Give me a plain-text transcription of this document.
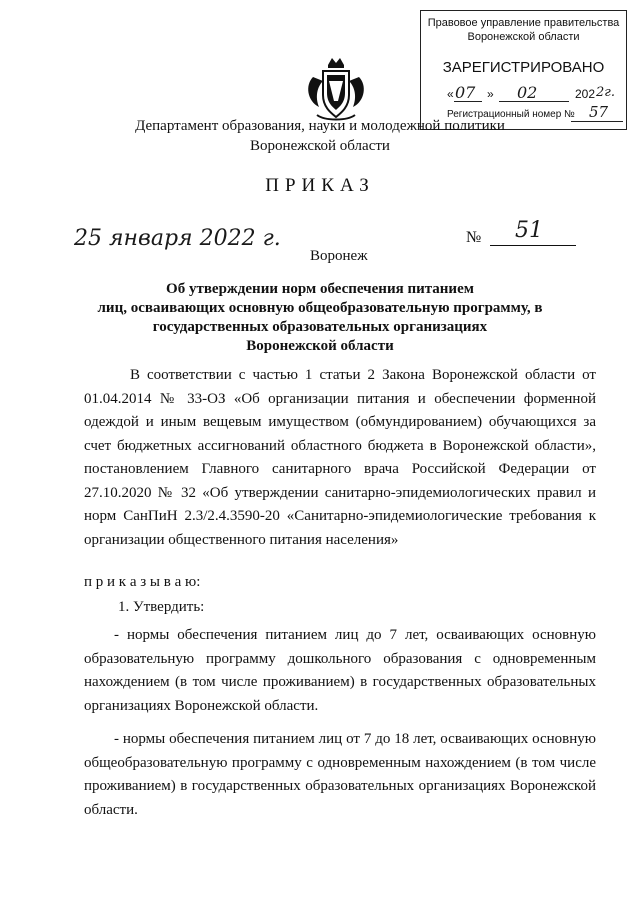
Правовое управление правительства
Воронежской области
ЗАРЕГИСТРИРОВАНО
« 07 » 02	202 2г.
Регистрационный номер № 57
Департамент образования, науки и молодежной политики
Воронежской области
ПРИКАЗ
25 января 2022 г.	№ 51
Воронеж
Об утверждении норм обеспечения питанием
лиц, осваивающих основную общеобразовательную программу, в
государственных образовательных организациях
Воронежской области
В соответствии с частью 1 статьи 2 Закона Воронежской области от 01.04.2014 № 33-ОЗ «Об организации питания и обеспечении форменной одеждой и иным вещевым имуществом (обмундированием) обучающихся за счет бюджетных ассигнований областного бюджета в Воронежской области», постановлением Главного санитарного врача Российской Федерации от 27.10.2020 № 32 «Об утверждении санитарно-эпидемиологических правил и норм СанПиН 2.3/2.4.3590-20 «Санитарно-эпидемиологические требования к организации общественного питания населения»
п р и к а з ы в а ю:
1. Утвердить:
- нормы обеспечения питанием лиц до 7 лет, осваивающих основную образовательную программу дошкольного образования с одновременным нахождением (в том числе проживанием) в государственных образовательных организациях Воронежской области.
- нормы обеспечения питанием лиц от 7 до 18 лет, осваивающих основную общеобразовательную программу с одновременным нахождением (в том числе проживанием) в государственных образовательных организациях Воронежской области.
